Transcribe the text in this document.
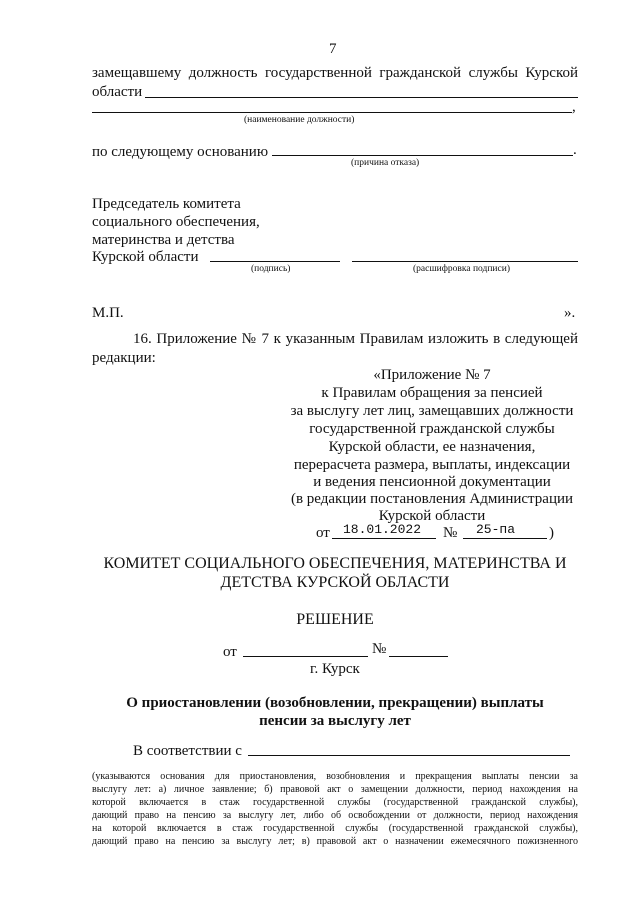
7
замещавшему должность государственной гражданской службы Курской
области
,
(наименование должности)
по следующему основанию	.
(причина отказа)
Председатель комитета
социального обеспечения,
материнства и детства
Курской области
(подпись)	(расшифровка подписи)
М.П.	».
16. Приложение № 7 к указанным Правилам изложить в следующей
редакции:
«Приложение № 7
к Правилам обращения за пенсией
за выслугу лет лиц, замещавших должности
государственной гражданской службы
Курской области, ее назначения,
перерасчета размера, выплаты, индексации
и ведения пенсионной документации
(в редакции постановления Администрации
Курской области
от 18.01.2022 № 25-па )
КОМИТЕТ СОЦИАЛЬНОГО ОБЕСПЕЧЕНИЯ, МАТЕРИНСТВА И
ДЕТСТВА КУРСКОЙ ОБЛАСТИ
РЕШЕНИЕ
от	№
г. Курск
О приостановлении (возобновлении, прекращении) выплаты
пенсии за выслугу лет
В соответствии с
(указываются основания для приостановления, возобновления и прекращения выплаты пенсии за
выслугу лет: а) личное заявление; б) правовой акт о замещении должности, период нахождения на
которой включается в стаж государственной службы (государственной гражданской службы),
дающий право на пенсию за выслугу лет, либо об освобождении от должности, период нахождения
на которой включается в стаж государственной службы (государственной гражданской службы),
дающий право на пенсию за выслугу лет; в) правовой акт о назначении ежемесячного пожизненного
